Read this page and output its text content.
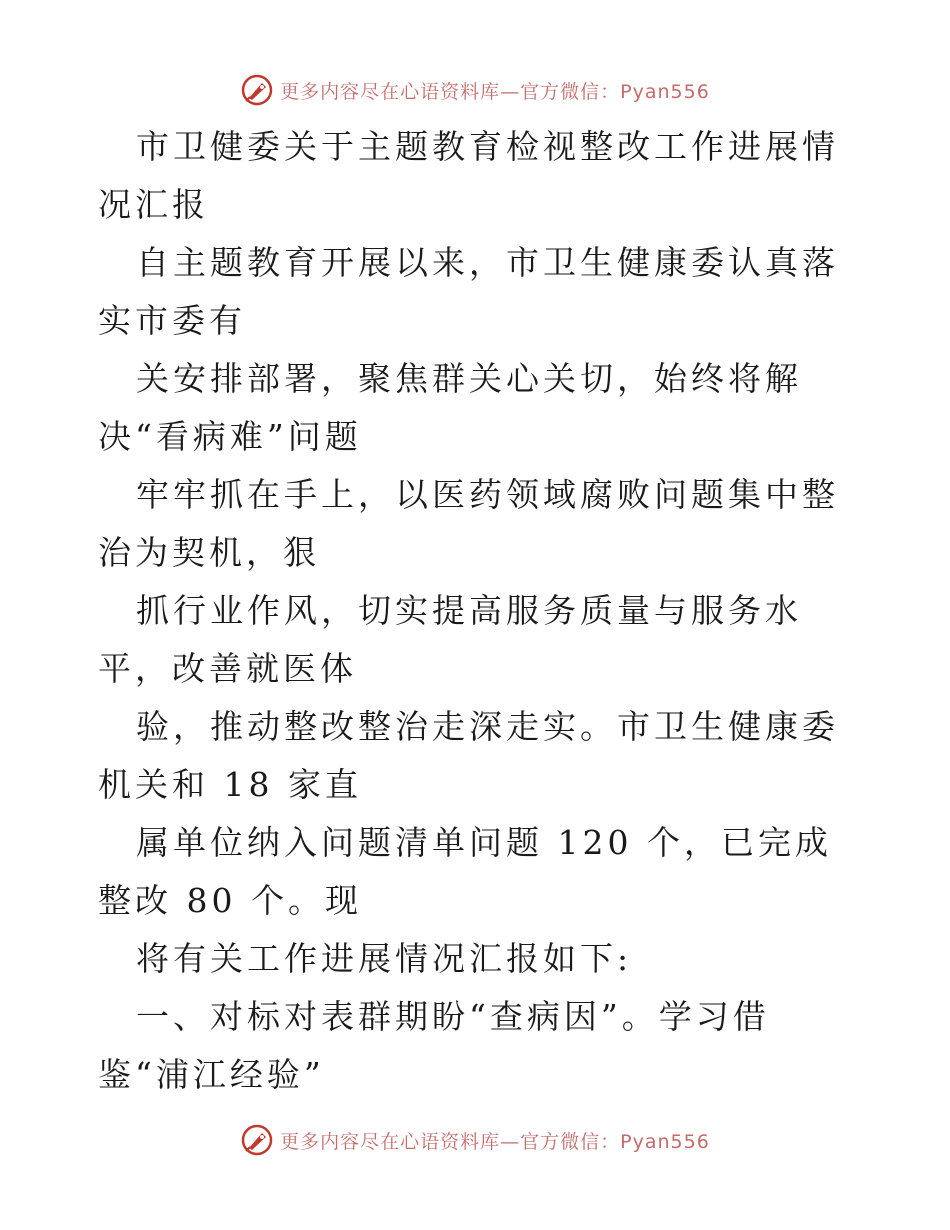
更多内容尽在心语资料库—官方微信：Pyan556

市卫健委关于主题教育检视整改工作进展情况汇报

自主题教育开展以来，市卫生健康委认真落实市委有

关安排部署，聚焦群关心关切，始终将解决“看病难”问题

牢牢抓在手上，以医药领域腐败问题集中整治为契机，狠

抓行业作风，切实提高服务质量与服务水平，改善就医体

验，推动整改整治走深走实。市卫生健康委机关和 18 家直

属单位纳入问题清单问题 120 个，已完成整改 80 个。现

将有关工作进展情况汇报如下:

一、对标对表群期盼“查病因”。学习借鉴“浦江经验”

更多内容尽在心语资料库—官方微信：Pyan556
